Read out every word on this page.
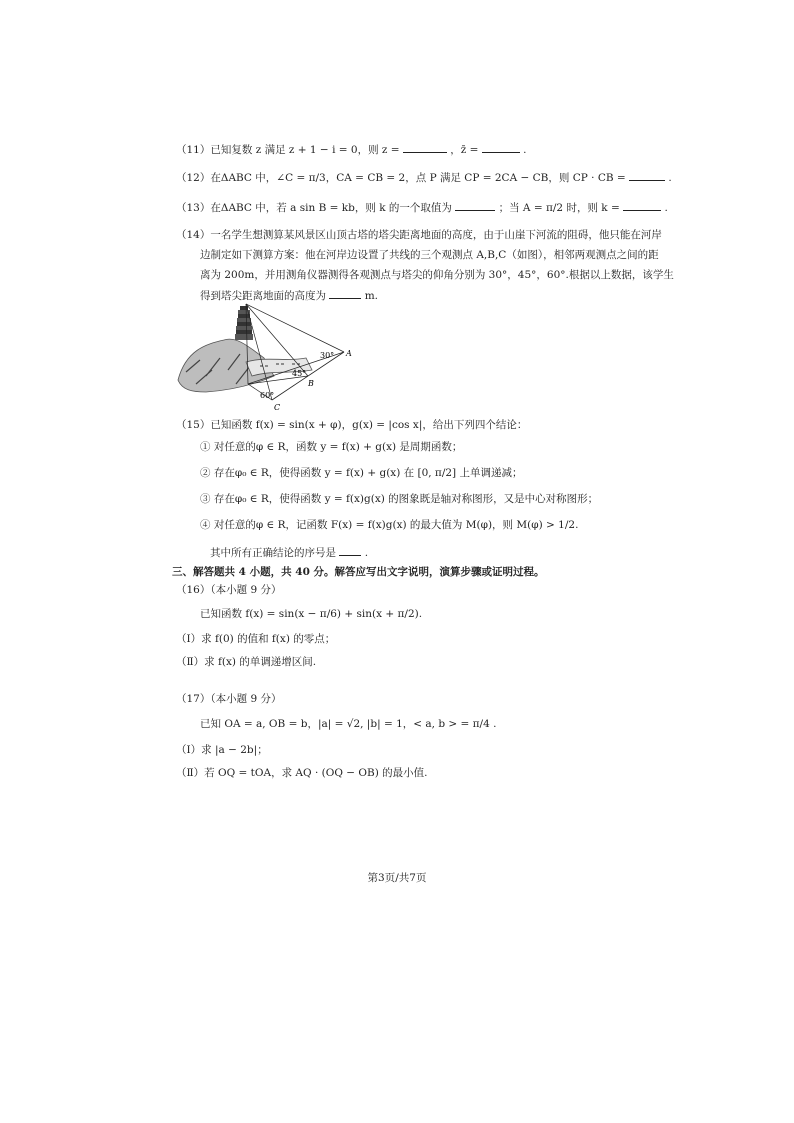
（11）已知复数 z 满足 z + 1 − i = 0，则 z =	，z̄ =	.
（12）在ΔABC 中，∠C = π/3，CA = CB = 2，点 P 满足 CP = 2CA − CB，则 CP · CB =	.
（13）在ΔABC 中，若 a sin B = kb，则 k 的一个取值为	；当 A = π/2 时，则 k =	.
（14）一名学生想测算某风景区山顶古塔的塔尖距离地面的高度，由于山崖下河流的阻碍，他只能在河岸
边制定如下测算方案：他在河岸边设置了共线的三个观测点 A,B,C（如图），相邻两观测点之间的距
离为 200m，并用测角仪器测得各观测点与塔尖的仰角分别为 30°，45°，60°.根据以上数据，该学生
得到塔尖距离地面的高度为	m.
30°
45°
60°
A
B
C
（15）已知函数 f(x) = sin(x + φ)，g(x) = |cos x|，给出下列四个结论：
① 对任意的φ ∈ R，函数 y = f(x) + g(x) 是周期函数；
② 存在φ₀ ∈ R，使得函数 y = f(x) + g(x) 在 [0, π/2] 上单调递减；
③ 存在φ₀ ∈ R，使得函数 y = f(x)g(x) 的图象既是轴对称图形，又是中心对称图形；
④ 对任意的φ ∈ R，记函数 F(x) = f(x)g(x) 的最大值为 M(φ)，则 M(φ) > 1/2.
其中所有正确结论的序号是	.
三、解答题共 4 小题，共 40 分。解答应写出文字说明，演算步骤或证明过程。
（16）（本小题 9 分）
已知函数 f(x) = sin(x − π/6) + sin(x + π/2).
（Ⅰ）求 f(0) 的值和 f(x) 的零点；
（Ⅱ）求 f(x) 的单调递增区间.
（17）（本小题 9 分）
已知 OA = a, OB = b，|a| = √2, |b| = 1，< a, b > = π/4 .
（Ⅰ）求 |a − 2b|；
（Ⅱ）若 OQ = tOA，求 AQ · (OQ − OB) 的最小值.
第3页/共7页
